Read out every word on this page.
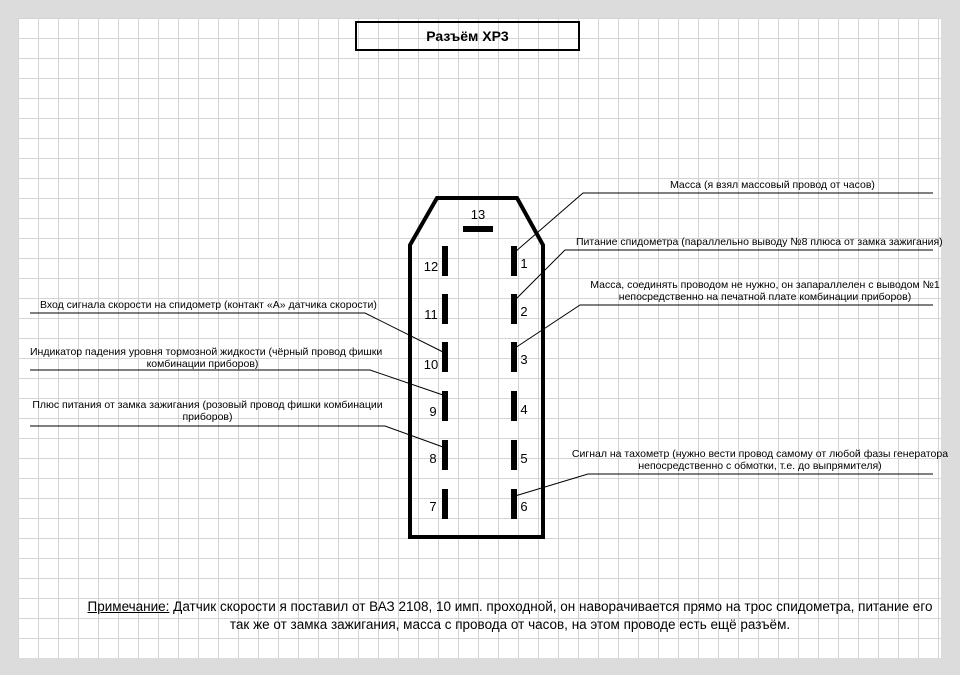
Разъём ХР3
13
12
11
10
9
8
7
1
2
3
4
5
6
Масса (я взял массовый провод от часов)
Питание спидометра (параллельно выводу №8 плюса от замка зажигания)
Масса, соединять проводом не нужно, он запараллелен с выводом №1
непосредственно на печатной плате комбинации приборов)
Сигнал на тахометр (нужно вести провод самому от любой фазы генератора
непосредственно с обмотки, т.е. до выпрямителя)
Вход сигнала скорости на спидометр (контакт «А» датчика скорости)
Индикатор падения уровня тормозной жидкости (чёрный провод фишки
комбинации приборов)
Плюс питания от замка зажигания (розовый провод фишки комбинации
приборов)
Примечание: Датчик скорости я поставил от ВАЗ 2108, 10 имп. проходной, он наворачивается прямо на трос спидометра, питание его
так же от замка зажигания, масса с провода от часов, на этом проводе есть ещё разъём.
